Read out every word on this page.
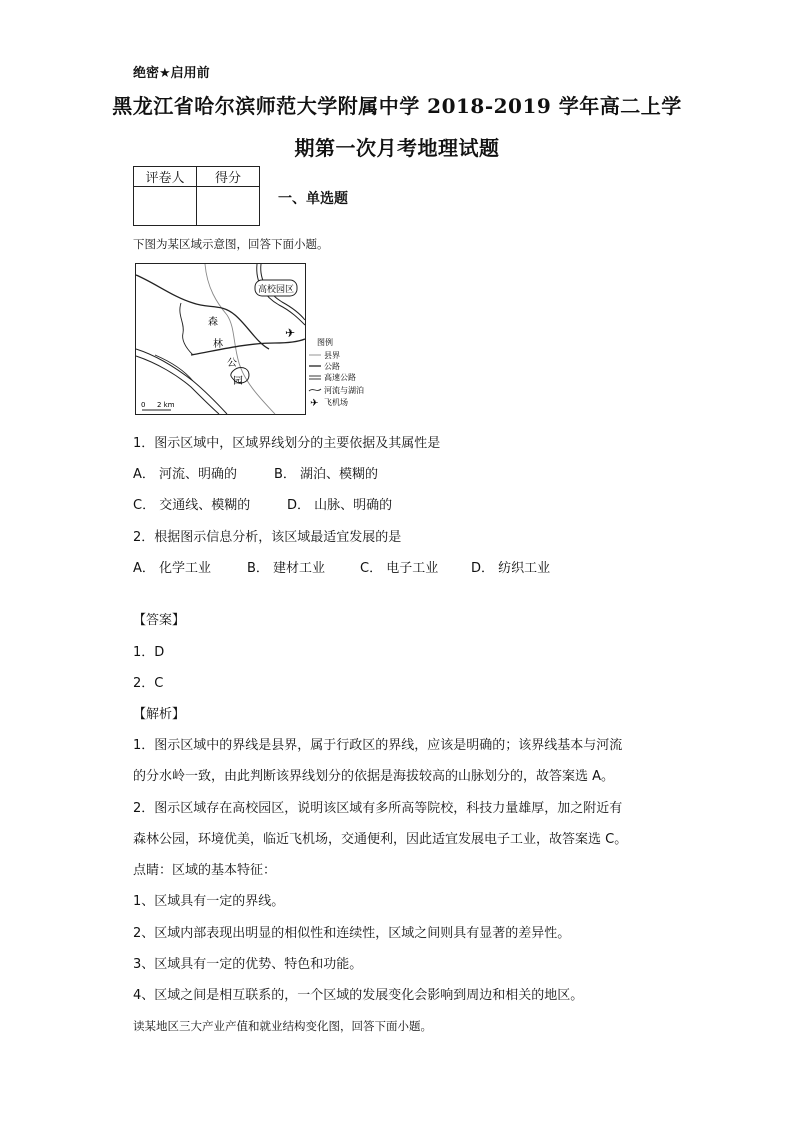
绝密★启用前
黑龙江省哈尔滨师范大学附属中学 2018-2019 学年高二上学
期第一次月考地理试题
评卷人	得分

一、单选题
下图为某区域示意图，回答下面小题。
高校园区
森
林
公
园
✈
0 2 km
图例
县界
公路
高速公路
河流与湖泊
✈ 飞机场
1．图示区域中，区域界线划分的主要依据及其属性是
A． 河流、明确的	B． 湖泊、模糊的
C． 交通线、模糊的	D． 山脉、明确的
2．根据图示信息分析，该区域最适宜发展的是
A． 化学工业	B． 建材工业	C． 电子工业	D． 纺织工业
【答案】
1．D
2．C
【解析】
1．图示区域中的界线是县界，属于行政区的界线，应该是明确的；该界线基本与河流
的分水岭一致，由此判断该界线划分的依据是海拔较高的山脉划分的，故答案选 A。
2．图示区域存在高校园区，说明该区域有多所高等院校，科技力量雄厚，加之附近有
森林公园，环境优美，临近飞机场，交通便利，因此适宜发展电子工业，故答案选 C。
点睛：区域的基本特征：
1、区域具有一定的界线。
2、区域内部表现出明显的相似性和连续性，区域之间则具有显著的差异性。
3、区域具有一定的优势、特色和功能。
4、区域之间是相互联系的，一个区域的发展变化会影响到周边和相关的地区。
读某地区三大产业产值和就业结构变化图，回答下面小题。
